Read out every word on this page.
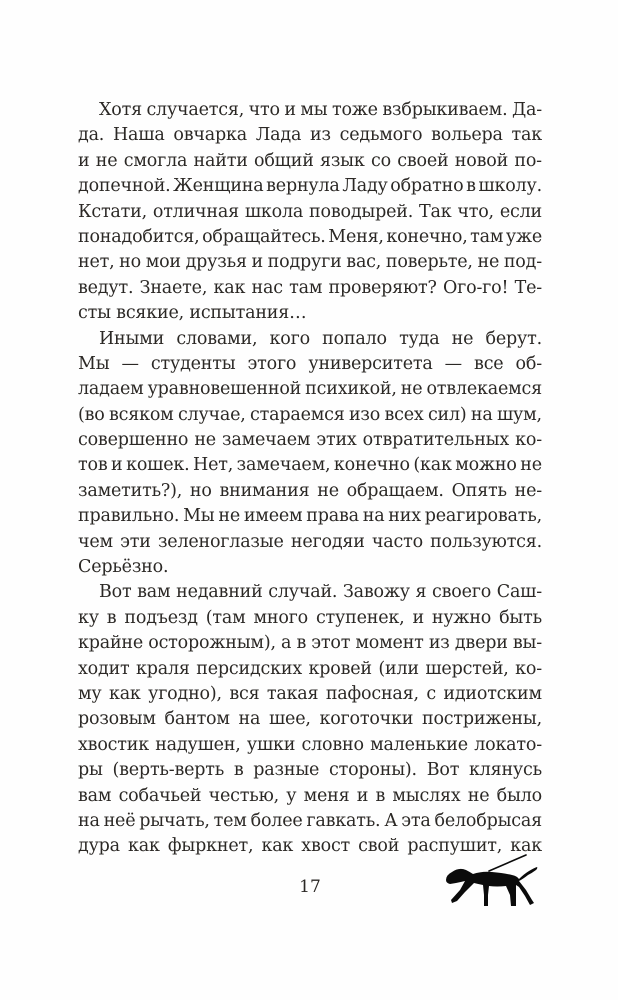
Хотя случается, что и мы тоже взбрыкиваем. Да-
да. Наша овчарка Лада из седьмого вольера так
и не смогла найти общий язык со своей новой по-
допечной. Женщина вернула Ладу обратно в школу.
Кстати, отличная школа поводырей. Так что, если
понадобится, обращайтесь. Меня, конечно, там уже
нет, но мои друзья и подруги вас, поверьте, не под-
ведут. Знаете, как нас там проверяют? Ого-го! Те-
сты всякие, испытания…
Иными словами, кого попало туда не берут.
Мы — студенты этого университета — все об-
ладаем уравновешенной психикой, не отвлекаемся
(во всяком случае, стараемся изо всех сил) на шум,
совершенно не замечаем этих отвратительных ко-
тов и кошек. Нет, замечаем, конечно (как можно не
заметить?), но внимания не обращаем. Опять не-
правильно. Мы не имеем права на них реагировать,
чем эти зеленоглазые негодяи часто пользуются.
Серьёзно.
Вот вам недавний случай. Завожу я своего Саш-
ку в подъезд (там много ступенек, и нужно быть
крайне осторожным), а в этот момент из двери вы-
ходит краля персидских кровей (или шерстей, ко-
му как угодно), вся такая пафосная, с идиотским
розовым бантом на шее, коготочки пострижены,
хвостик надушен, ушки словно маленькие локато-
ры (верть-верть в разные стороны). Вот клянусь
вам собачьей честью, у меня и в мыслях не было
на неё рычать, тем более гавкать. А эта белобрысая
дура как фыркнет, как хвост свой распушит, как
17
